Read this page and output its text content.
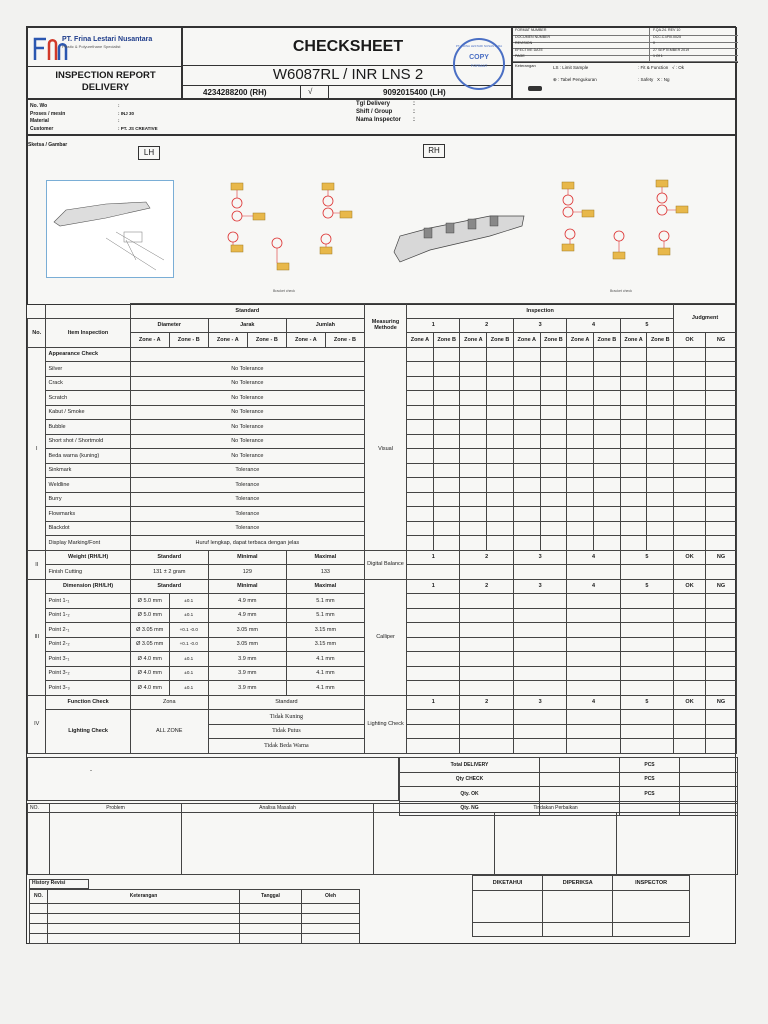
PT. Frina Lestari Nusantara
Plastic & Polyurethane Specialist
INSPECTION REPORT
DELIVERY
CHECKSHEET
W6087RL / INR LNS 2
4234288200 (RH)	√	9092015400 (LH)
PT. FRINA LESTARI NUSANTARA
COPY
FORMAT
FORMAT NUMBER	F.QA.24. REV 10
DOCUMEN NUMBER	DCC.C.I/R0.0025
REVISION	0
EFECTIVE DATE	27 SEPTEMBER 2019
PAGE	1 Of 1
Keterangan	LS : Limit Sample	: Fit & Function √ : Ok
⊕ : Tabel Pengukuran	: Safety X : Ng
No. Wo	:
Proses / mesin	: INJ 30
Material	:
Customer	: PT. JS CREATIVE
Tgl Delivery	:
Shift / Group	:
Nama Inspector :
Sketsa / Gambar
LH	RH
Bracket check	Bracket check
		Standard						Measuring Methode	Inspection										Judgment	
No.	Item Inspection	Diameter		Jarak		Jumlah			1		2		3		4		5			
		Zone - A	Zone - B	Zone - A	Zone - B	Zone - A	Zone - B		Zone A	Zone B	Zone A	Zone B	Zone A	Zone B	Zone A	Zone B	Zone A	Zone B	OK	NG
I	Appearance Check							Visual												
	Silver	No Tolerance																		
	Crack	No Tolerance																		
	Scratch	No Tolerance																		
	Kabut / Smoke	No Tolerance																		
	Bubble	No Tolerance																		
	Short shot / Shortmold	No Tolerance																		
	Beda warna (kuning)	No Tolerance																		
	Sinkmark	Tolerance																		
	Weldline	Tolerance																		
	Burry	Tolerance																		
	Flowmarks	Tolerance																		
	Blackdot	Tolerance																		
	Display Marking/Font	Huruf lengkap, dapat terbaca dengan jelas																		
II	Weight (RH/LH)	Standard		Minimal		Maximal		Digital Balance	1		2		3		4		5		OK	NG
	Finish Cutting	131 ± 2 gram		129		133														
III	Dimension (RH/LH)	Standard		Minimal		Maximal		Calliper	1		2		3		4		5		OK	NG
	Point 1-₁	Ø 5.0 mm	±0.1	4.9 mm		5.1 mm														
	Point 1-₂	Ø 5.0 mm	±0.1	4.9 mm		5.1 mm														
	Point 2-₁	Ø 3.05 mm	+0.1 -0.0	3.05 mm		3.15 mm														
	Point 2-₂	Ø 3.05 mm	+0.1 -0.0	3.05 mm		3.15 mm														
	Point 3-₁	Ø 4.0 mm	±0.1	3.9 mm		4.1 mm														
	Point 3-₂	Ø 4.0 mm	±0.1	3.9 mm		4.1 mm														
	Point 3-₃	Ø 4.0 mm	±0.1	3.9 mm		4.1 mm														
IV	Function Check	Zona		Standard				Lighting Check	1		2		3		4		5		OK	NG
	Lighting Check	ALL ZONE		Tidak Kuning																
				Tidak Putus																
				Tidak Beda Warna																
-
Total DELIVERY		PCS	
Qty CHECK		PCS	
Qty. OK		PCS	
Qty. NG			
NO.	Problem	Analisa Masalah	Tindakan Perbaikan		

History Revisi
NO.	Keterangan	Tanggal	Oleh

DIKETAHUI	DIPERIKSA	INSPECTOR
